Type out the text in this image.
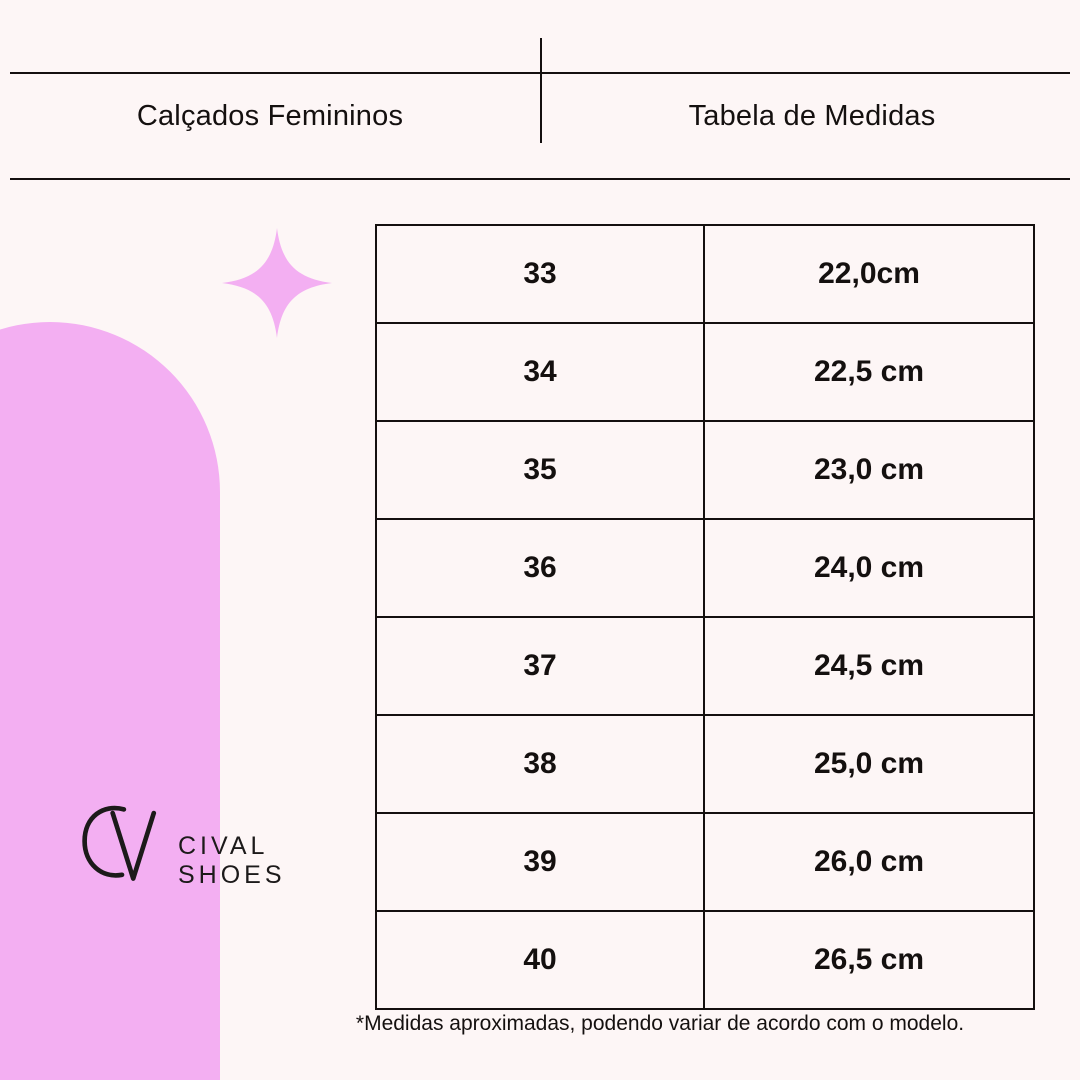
Calçados Femininos	Tabela de Medidas
CIVAL SHOES
33	22,0cm
34	22,5 cm
35	23,0 cm
36	24,0 cm
37	24,5 cm
38	25,0 cm
39	26,0 cm
40	26,5 cm
*Medidas aproximadas, podendo variar de acordo com o modelo.
